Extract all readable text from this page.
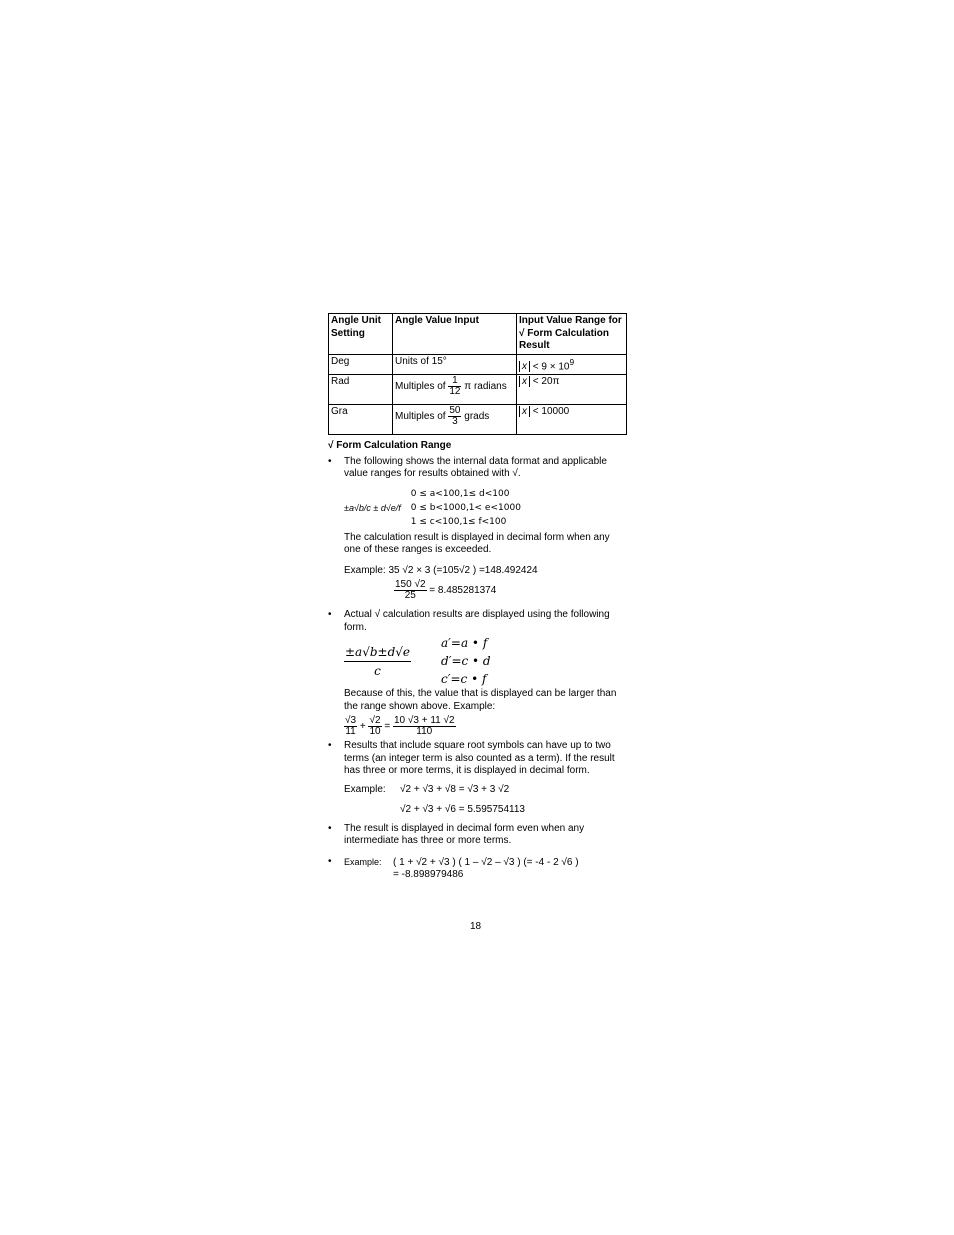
Angle Unit Setting	Angle Value Input	Input Value Range for √ Form Calculation Result
Deg	Units of 15°	$x < 9 \times 10^9$
Rad	Multiples of $\frac{1}{12}$ π radians	x < 20π
Gra	Multiples of $\frac{50}{3}$ grads	x < 10000
√ Form Calculation Range
• The following shows the internal data format and applicable value ranges for results obtained with √.
±a√b/c ± d√e/f
0 ≤ a<100,1≤ d<100
0 ≤ b<1000,1< e<1000
1 ≤ c<100,1≤ f<100
The calculation result is displayed in decimal form when any one of these ranges is exceeded.
Example: 35 √2 × 3 (=105√2 ) =148.492424
$\frac{150 √2}{25} = 8.485281374$
• Actual √ calculation results are displayed using the following form.
$\frac{\pm a√b\pm d√e}{c}$	a′=a • f
d′=c • d
c′=c • f
Because of this, the value that is displayed can be larger than the range shown above. Example:
$\frac{√3}{11} + \frac{√2}{10} = \frac{10 √3 + 11 √2}{110}$
• Results that include square root symbols can have up to two terms (an integer term is also counted as a term). If the result has three or more terms, it is displayed in decimal form.
Example: √2 + √3 + √8 = √3 + 3 √2
√2 + √3 + √6 = 5.595754113
• The result is displayed in decimal form even when any intermediate has three or more terms.
• Example: ( 1 + √2 + √3 ) ( 1 – √2 – √3 ) (= -4 - 2 √6 )
= -8.898979486
18
